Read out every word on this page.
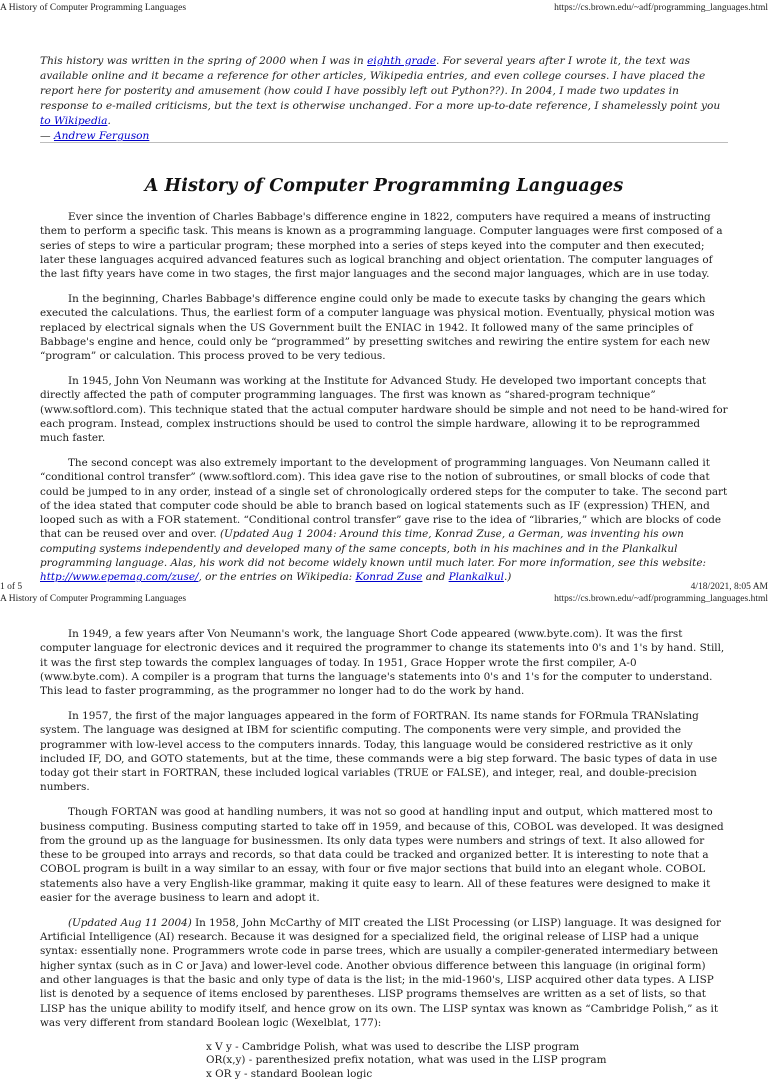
A History of Computer Programming Languages	https://cs.brown.edu/~adf/programming_languages.html
This history was written in the spring of 2000 when I was in eighth grade. For several years after I wrote it, the text was available online and it became a reference for other articles, Wikipedia entries, and even college courses. I have placed the report here for posterity and amusement (how could I have possibly left out Python??). In 2004, I made two updates in response to e-mailed criticisms, but the text is otherwise unchanged. For a more up-to-date reference, I shamelessly point you to Wikipedia.
— Andrew Ferguson
A History of Computer Programming Languages

Ever since the invention of Charles Babbage's difference engine in 1822, computers have required a means of instructing them to perform a specific task. This means is known as a programming language. Computer languages were first composed of a series of steps to wire a particular program; these morphed into a series of steps keyed into the computer and then executed; later these languages acquired advanced features such as logical branching and object orientation. The computer languages of the last fifty years have come in two stages, the first major languages and the second major languages, which are in use today.

In the beginning, Charles Babbage's difference engine could only be made to execute tasks by changing the gears which executed the calculations. Thus, the earliest form of a computer language was physical motion. Eventually, physical motion was replaced by electrical signals when the US Government built the ENIAC in 1942. It followed many of the same principles of Babbage's engine and hence, could only be “programmed” by presetting switches and rewiring the entire system for each new “program” or calculation. This process proved to be very tedious.

In 1945, John Von Neumann was working at the Institute for Advanced Study. He developed two important concepts that directly affected the path of computer programming languages. The first was known as “shared-program technique” (www.softlord.com). This technique stated that the actual computer hardware should be simple and not need to be hand-wired for each program. Instead, complex instructions should be used to control the simple hardware, allowing it to be reprogrammed much faster.

The second concept was also extremely important to the development of programming languages. Von Neumann called it “conditional control transfer” (www.softlord.com). This idea gave rise to the notion of subroutines, or small blocks of code that could be jumped to in any order, instead of a single set of chronologically ordered steps for the computer to take. The second part of the idea stated that computer code should be able to branch based on logical statements such as IF (expression) THEN, and looped such as with a FOR statement. “Conditional control transfer” gave rise to the idea of “libraries,” which are blocks of code that can be reused over and over. (Updated Aug 1 2004: Around this time, Konrad Zuse, a German, was inventing his own computing systems independently and developed many of the same concepts, both in his machines and in the Plankalkul programming language. Alas, his work did not become widely known until much later. For more information, see this website: http://www.epemag.com/zuse/, or the entries on Wikipedia: Konrad Zuse and Plankalkul.)

1 of 5	4/18/2021, 8:05 AM
A History of Computer Programming Languages	https://cs.brown.edu/~adf/programming_languages.html

In 1949, a few years after Von Neumann's work, the language Short Code appeared (www.byte.com). It was the first computer language for electronic devices and it required the programmer to change its statements into 0's and 1's by hand. Still, it was the first step towards the complex languages of today. In 1951, Grace Hopper wrote the first compiler, A-0 (www.byte.com). A compiler is a program that turns the language's statements into 0's and 1's for the computer to understand. This lead to faster programming, as the programmer no longer had to do the work by hand.

In 1957, the first of the major languages appeared in the form of FORTRAN. Its name stands for FORmula TRANslating system. The language was designed at IBM for scientific computing. The components were very simple, and provided the programmer with low-level access to the computers innards. Today, this language would be considered restrictive as it only included IF, DO, and GOTO statements, but at the time, these commands were a big step forward. The basic types of data in use today got their start in FORTRAN, these included logical variables (TRUE or FALSE), and integer, real, and double-precision numbers.

Though FORTAN was good at handling numbers, it was not so good at handling input and output, which mattered most to business computing. Business computing started to take off in 1959, and because of this, COBOL was developed. It was designed from the ground up as the language for businessmen. Its only data types were numbers and strings of text. It also allowed for these to be grouped into arrays and records, so that data could be tracked and organized better. It is interesting to note that a COBOL program is built in a way similar to an essay, with four or five major sections that build into an elegant whole. COBOL statements also have a very English-like grammar, making it quite easy to learn. All of these features were designed to make it easier for the average business to learn and adopt it.

(Updated Aug 11 2004) In 1958, John McCarthy of MIT created the LISt Processing (or LISP) language. It was designed for Artificial Intelligence (AI) research. Because it was designed for a specialized field, the original release of LISP had a unique syntax: essentially none. Programmers wrote code in parse trees, which are usually a compiler-generated intermediary between higher syntax (such as in C or Java) and lower-level code. Another obvious difference between this language (in original form) and other languages is that the basic and only type of data is the list; in the mid-1960's, LISP acquired other data types. A LISP list is denoted by a sequence of items enclosed by parentheses. LISP programs themselves are written as a set of lists, so that LISP has the unique ability to modify itself, and hence grow on its own. The LISP syntax was known as “Cambridge Polish,” as it was very different from standard Boolean logic (Wexelblat, 177):

x V y - Cambridge Polish, what was used to describe the LISP program
OR(x,y) - parenthesized prefix notation, what was used in the LISP program
x OR y - standard Boolean logic
